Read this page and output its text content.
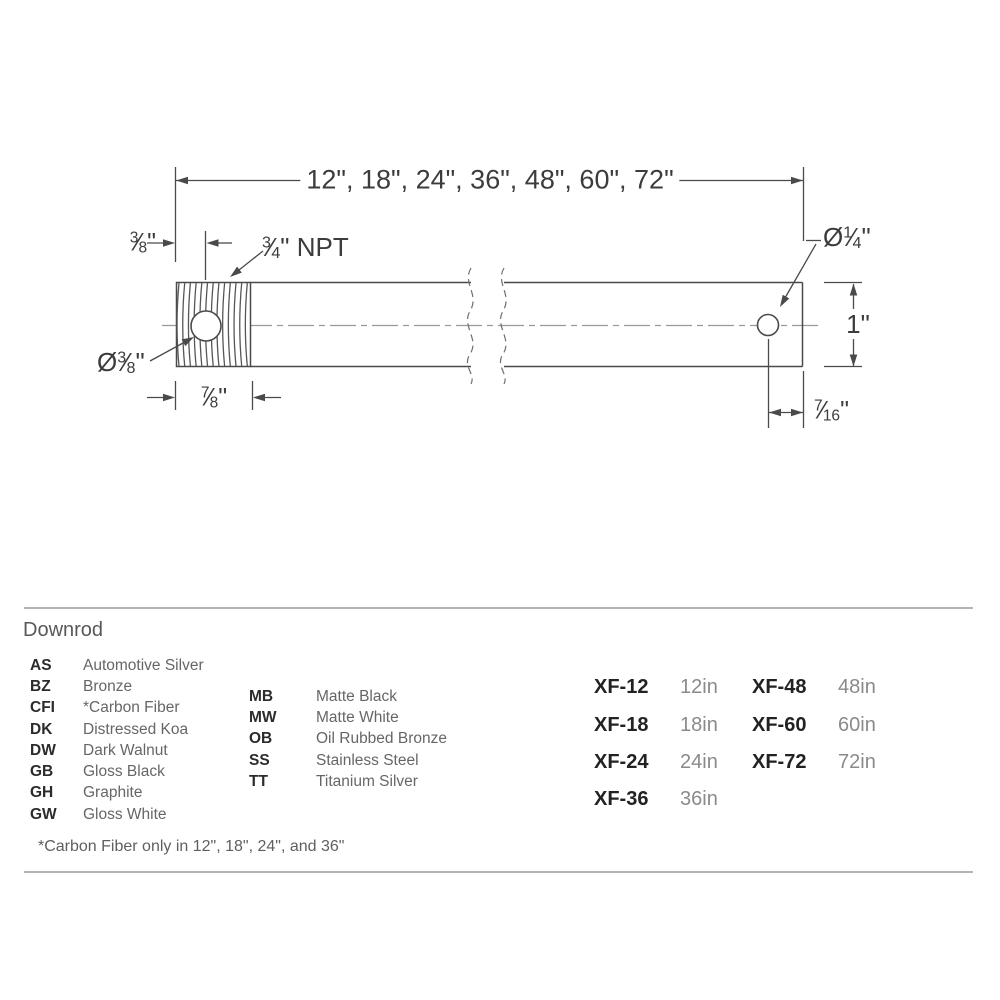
12", 18", 24", 36", 48", 60", 72"
$^3$⁄ $_8$"	$^3$⁄ $_4$" NPT
$Ø^3⁄$ $_8$"
$^7$⁄ $_8$"
$Ø^1⁄$ $_4$"
1"
$^7$⁄ $_{16}$"
Downrod
AS	Automotive Silver
BZ	Bronze
CFI	*Carbon Fiber
DK	Distressed Koa
DW	Dark Walnut
GB	Gloss Black
GH	Graphite
GW	Gloss White
MB	Matte Black
MW	Matte White
OB	Oil Rubbed Bronze
SS	Stainless Steel
TT	Titanium Silver
XF-12	12in
XF-18	18in
XF-24	24in
XF-36	36in
XF-48	48in
XF-60	60in
XF-72	72in
*Carbon Fiber only in 12", 18", 24", and 36"
